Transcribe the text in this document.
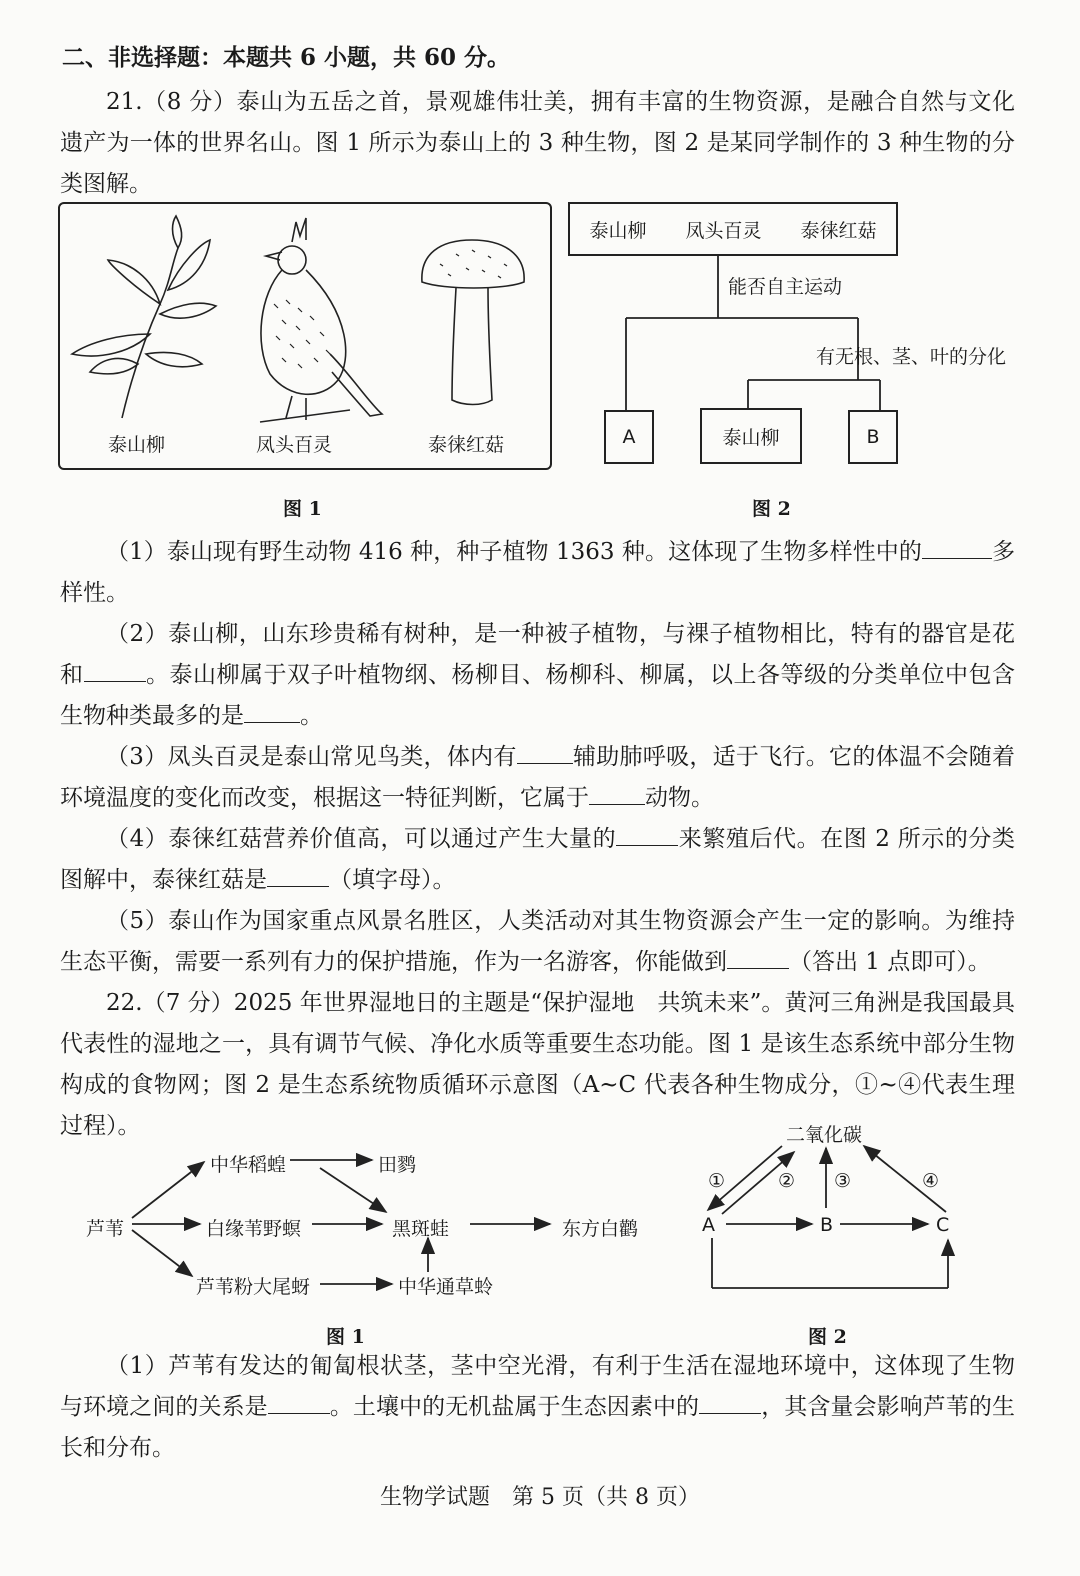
二、非选择题：本题共 6 小题，共 60 分。
21.（8 分）泰山为五岳之首，景观雄伟壮美，拥有丰富的生物资源，是融合自然与文化遗产为一体的世界名山。图 1 所示为泰山上的 3 种生物，图 2 是某同学制作的 3 种生物的分类图解。
泰山柳	凤头百灵	泰徕红菇
图 1
泰山柳 凤头百灵 泰徕红菇
能否自主运动
有无根、茎、叶的分化
A	泰山柳	B
图 2
（1）泰山现有野生动物 416 种，种子植物 1363 种。这体现了生物多样性中的	多样性。
（2）泰山柳，山东珍贵稀有树种，是一种被子植物，与裸子植物相比，特有的器官是花和	。泰山柳属于双子叶植物纲、杨柳目、杨柳科、柳属，以上各等级的分类单位中包含生物种类最多的是 。
（3）凤头百灵是泰山常见鸟类，体内有 辅助肺呼吸，适于飞行。它的体温不会随着环境温度的变化而改变，根据这一特征判断，它属于 动物。
（4）泰徕红菇营养价值高，可以通过产生大量的	来繁殖后代。在图 2 所示的分类图解中，泰徕红菇是	（填字母）。
（5）泰山作为国家重点风景名胜区，人类活动对其生物资源会产生一定的影响。为维持生态平衡，需要一系列有力的保护措施，作为一名游客，你能做到	（答出 1 点即可）。
22.（7 分）2025 年世界湿地日的主题是“保护湿地　共筑未来”。黄河三角洲是我国最具代表性的湿地之一，具有调节气候、净化水质等重要生态功能。图 1 是该生态系统中部分生物构成的食物网；图 2 是生态系统物质循环示意图（A~C 代表各种生物成分，①~④代表生理过程）。
芦苇
中华稻蝗
白缘苇野螟
芦苇粉大尾蚜
田鹨
黑斑蛙
中华通草蛉
东方白鹳
图 1
二氧化碳
A	B	C
①	② ③	④
图 2
（1）芦苇有发达的匍匐根状茎，茎中空光滑，有利于生活在湿地环境中，这体现了生物与环境之间的关系是	。土壤中的无机盐属于生态因素中的	，其含量会影响芦苇的生长和分布。
生物学试题　第 5 页（共 8 页）
